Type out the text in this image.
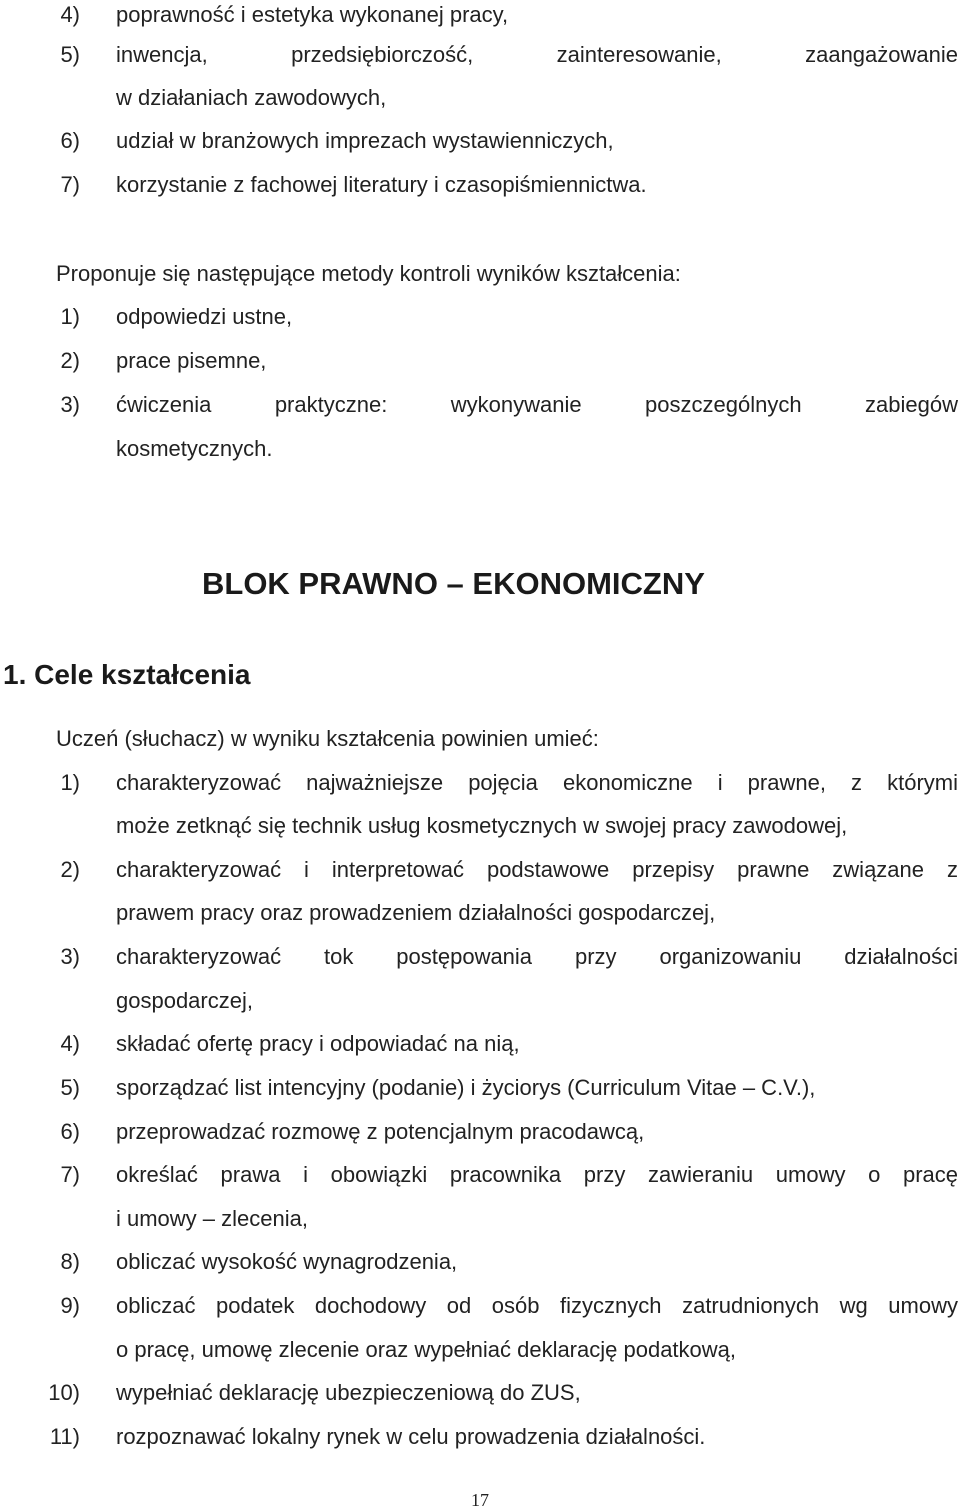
4) poprawność i estetyka wykonanej pracy,
5) inwencja, przedsiębiorczość, zainteresowanie, zaangażowanie
w działaniach zawodowych,
6) udział w branżowych imprezach wystawienniczych,
7) korzystanie z fachowej literatury i czasopiśmiennictwa.
Proponuje się następujące metody kontroli wyników kształcenia:
1) odpowiedzi ustne,
2) prace pisemne,
3) ćwiczenia praktyczne: wykonywanie poszczególnych zabiegów
kosmetycznych.
BLOK PRAWNO – EKONOMICZNY
1. Cele kształcenia
Uczeń (słuchacz) w wyniku kształcenia powinien umieć:
1) charakteryzować najważniejsze pojęcia ekonomiczne i prawne, z którymi
może zetknąć się technik usług kosmetycznych w swojej pracy zawodowej,
2) charakteryzować i interpretować podstawowe przepisy prawne związane z
prawem pracy oraz prowadzeniem działalności gospodarczej,
3) charakteryzować tok postępowania przy organizowaniu działalności
gospodarczej,
4) składać ofertę pracy i odpowiadać na nią,
5) sporządzać list intencyjny (podanie) i życiorys (Curriculum Vitae – C.V.),
6) przeprowadzać rozmowę z potencjalnym pracodawcą,
7) określać prawa i obowiązki pracownika przy zawieraniu umowy o pracę
i umowy – zlecenia,
8) obliczać wysokość wynagrodzenia,
9) obliczać podatek dochodowy od osób fizycznych zatrudnionych wg umowy
o pracę, umowę zlecenie oraz wypełniać deklarację podatkową,
10) wypełniać deklarację ubezpieczeniową do ZUS,
11) rozpoznawać lokalny rynek w celu prowadzenia działalności.
17
